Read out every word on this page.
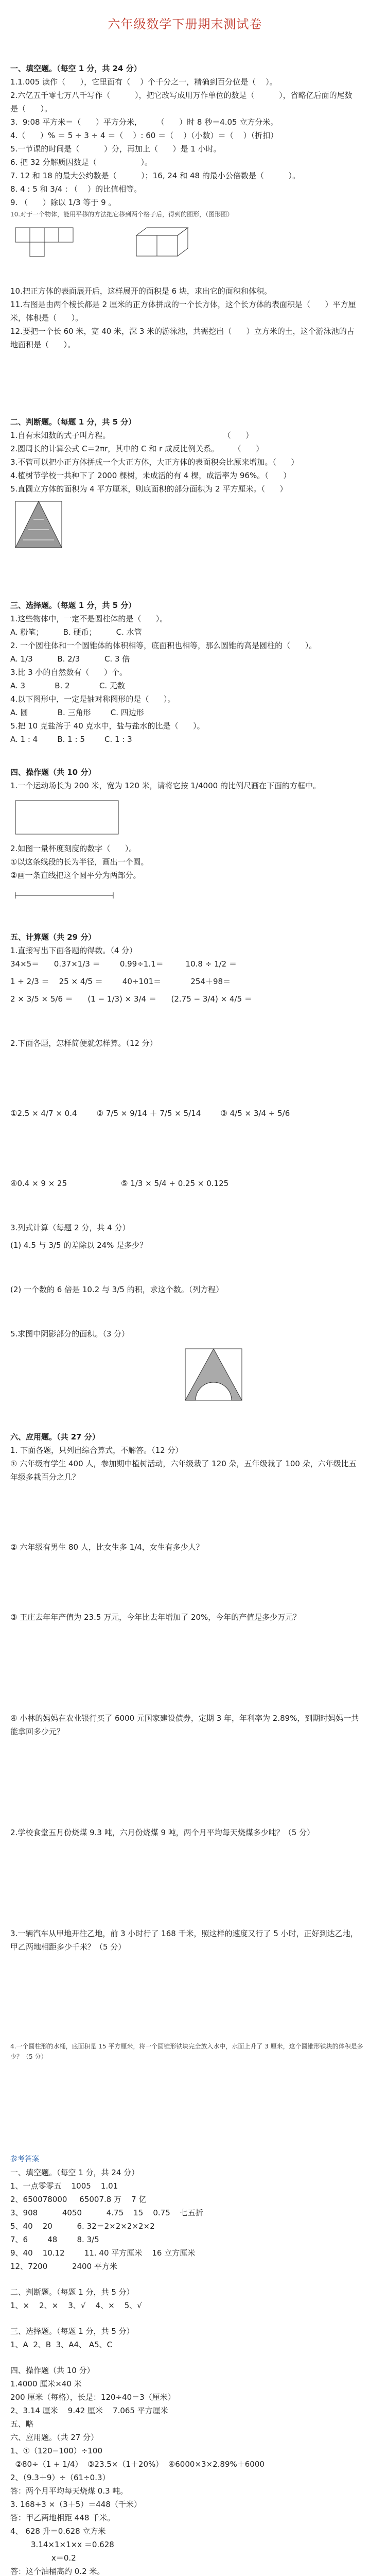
六年级数学下册期末测试卷
一、填空题。（每空 1 分，共 24 分）
1.1.005 读作（      ），它里面有（    ）个千分之一，精确到百分位是（    ）。
2.六亿五千零七万八千写作（          ），把它改写成用万作单位的数是（          ），省略亿后面的尾数是（      ）。
3.  9:08 平方米＝（      ）平方分米，      （      ）时 8 秒＝4.05 立方分米。
4.（      ）% ＝ 5 ÷ 3 ÷ 4 ＝（    ）: 60 ＝（    ）（小数）＝（    ）（折扣）
5.一节课的时间是（          ）分，再加上（      ）是 1 小时。
6. 把 32 分解质因数是（                  ）。
7. 12 和 18 的最大公约数是（          ）；16, 24 和 48 的最小公倍数是（          ）。
8. 4 : 5 和 3/4 : （    ）的比值相等。
9. （      ）除以 1/3 等于 9 。
10.对于一个物体，能用平移的方法把它移到两个格子后，得到的图形，（图形图）

10.把正方体的表面展开后，这样展开的面积是 6 块，求出它的面积和体积。
11.右图是由两个棱长都是 2 厘米的正方体拼成的一个长方体，这个长方体的表面积是（      ）平方厘米，体积是（      ）。
12.要把一个长 60 米，宽 40 米，深 3 米的游泳池，共需挖出（      ）立方米的土，这个游泳池的占地面积是（      ）。
二、判断题。（每题 1 分，共 5 分）
1.自有未知数的式子叫方程。                                              （      ）
2.圆周长的计算公式 C＝2πr，其中的 C 和 r 成反比例关系。      （      ）
3.不管可以把小正方体拼成一个大正方体，大正方体的表面积会比原来增加。（      ）
4.植树节学校一共种下了 2000 棵树，未成活的有 4 棵，成活率为 96%。（      ）
5.直圆立方体的面积为 4 平方厘米，则底面积的部分面积为 2 平方厘米。（      ）
三、选择题。（每题 1 分，共 5 分）
1.这些物体中，一定不是圆柱体的是（      ）。
A. 粉笔；        B. 硬币；        C. 水管
2. 一个圆柱体和一个圆锥体的体积相等，底面积也相等，那么圆锥的高是圆柱的（      ）。
A. 1/3          B. 2/3          C. 3 倍
3.比 3 小的自然数有（      ）个。
A. 3            B. 2            C. 无数
4.以下图形中，一定是轴对称图形的是（      ）。
A. 圆            B. 三角形        C. 四边形
5.把 10 克盐溶于 40 克水中，盐与盐水的比是（      ）。
A. 1 : 4        B. 1 : 5        C. 1 : 3
四、操作题（共 10 分）
1.一个运动场长为 200 米，宽为 120 米，请将它按 1/4000 的比例尺画在下面的方框中。
2.如图一量杯度刻度的数字（      ）。
①以这条线段的长为半径，画出一个圆。
②画一条直线把这个圆平分为两部分。
五、计算题（共 29 分）
1.直接写出下面各题的得数。（4 分）
34×5＝      0.37×1/3 ＝        0.99÷1.1＝         10.8 ÷ 1/2 ＝
1 ÷ 2/3 ＝    25 × 4/5 ＝        40÷101＝            254＋98＝
2 × 3/5 × 5/6 ＝      (1 − 1/3) × 3/4 ＝      (2.75 − 3/4) × 4/5 ＝
2.下面各题，怎样简便就怎样算。（12 分）
①2.5 × 4/7 × 0.4        ② 7/5 × 9/14 ＋ 7/5 × 5/14        ③ 4/5 × 3/4 ÷ 5/6
④0.4 × 9 × 25                      ⑤ 1/3 × 5/4 + 0.25 × 0.125
3.列式计算（每题 2 分，共 4 分）
(1) 4.5 与 3/5 的差除以 24% 是多少？
(2) 一个数的 6 倍是 10.2 与 3/5 的积，求这个数。（列方程）
5.求图中阴影部分的面积。（3 分）
六、应用题。（共 27 分）
1. 下面各题，只列出综合算式，不解答。（12 分）
① 六年级有学生 400 人，参加期中植树活动，六年级栽了 120 朵，五年级栽了 100 朵，六年级比五年级多栽百分之几？
② 六年级有男生 80 人，比女生多 1/4，女生有多少人？
③ 王庄去年年产值为 23.5 万元，今年比去年增加了 20%，今年的产值是多少万元？
④ 小林的妈妈在农业银行买了 6000 元国家建设债券，定期 3 年，年利率为 2.89%，到期时妈妈一共能拿回多少元？
2.学校食堂五月份烧煤 9.3 吨，六月份烧煤 9 吨，两个月平均每天烧煤多少吨？（5 分）
3.一辆汽车从甲地开往乙地，前 3 小时行了 168 千米，照这样的速度又行了 5 小时，正好到达乙地，甲乙两地相距多少千米？（5 分）
4.一个圆柱形的水桶，底面积是 15 平方厘米，将一个圆锥形铁块完全放入水中，水面上升了 3 厘米，这个圆锥形铁块的体积是多少？（5 分）
参考答案
一、填空题。（每空 1 分，共 24 分）
1、一点零零五    1005    1.01
2、650078000     65007.8 万    7 亿
3、908          4050          4.75    15    0.75    七五折
5、40    20          6. 32＝2×2×2×2×2
7、6        48        8. 3/5
9、40    10.12        11. 40 平方厘米    16 立方厘米
12、7200          2400 平方米
二、判断题。（每题 1 分，共 5 分）
1、×    2、×    3、√    4、×    5、√
三、选择题。（每题 1 分，共 5 分）
1、A  2、B  3、A4、 A5、C
四、操作题（共 10 分）
1.4000 厘米×40 米
200 厘米（每格），长是：120÷40＝3（厘米）
2、3.14 厘米    9.42 厘米    7.065 平方厘米
五、略
六、应用题。（共 27 分）
1、①（120−100）÷100
②80÷（1 + 1/4）  ③23.5×（1＋20%）  ④6000×3×2.89%＋6000
2、（9.3＋9）÷（61÷0.3）
答：两个月平均每天烧煤 0.3 吨。
3. 168÷3 ×（3＋5）＝448（千米）
答：甲乙两地相距 448 千米。
4、 628 升＝0.628 立方米
3.14×1×1×x ＝0.628
x＝0.2
答：这个油桶高约 0.2 米。
